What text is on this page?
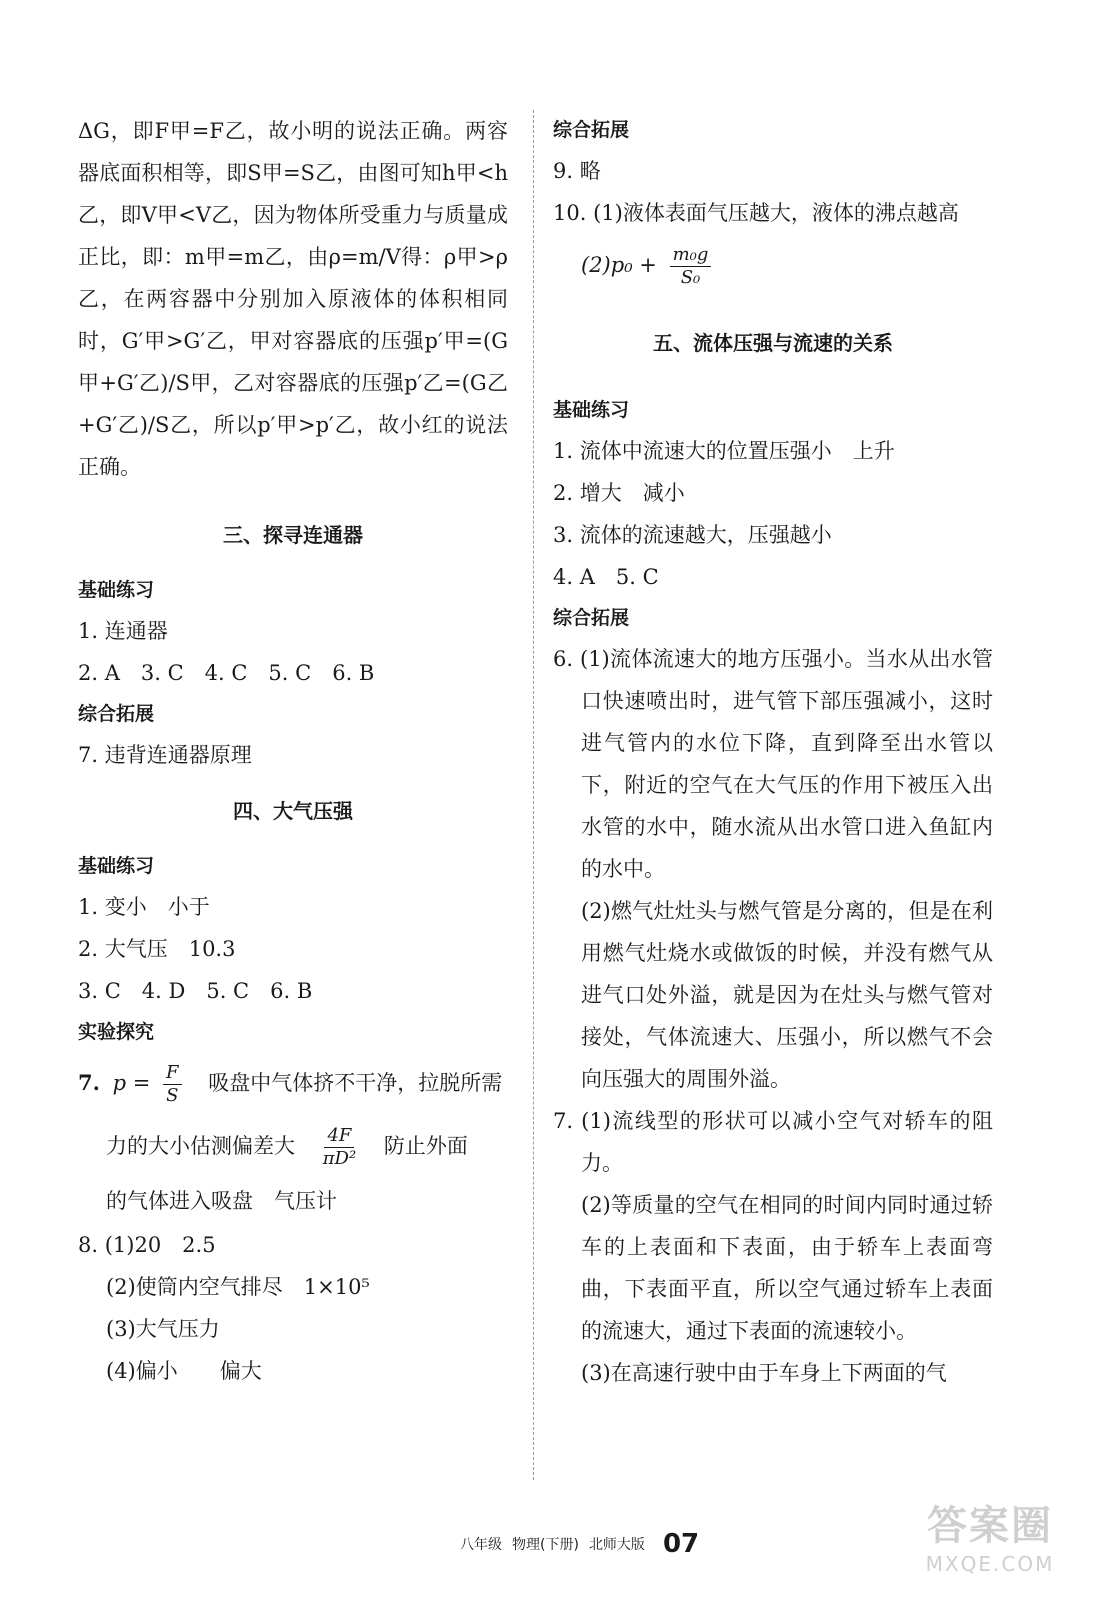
ΔG，即F甲=F乙，故小明的说法正确。两容器底面积相等，即S甲=S乙，由图可知h甲<h乙，即V甲<V乙，因为物体所受重力与质量成正比，即：m甲=m乙，由ρ=m/V得：ρ甲>ρ乙，在两容器中分别加入原液体的体积相同时，G′甲>G′乙，甲对容器底的压强p′甲=(G甲+G′乙)/S甲，乙对容器底的压强p′乙=(G乙+G′乙)/S乙，所以p′甲>p′乙，故小红的说法正确。
三、探寻连通器
基础练习
1. 连通器
2. A　3. C　4. C　5. C　6. B
综合拓展
7. 违背连通器原理
四、大气压强
基础练习
1. 变小　小于
2. 大气压　10.3
3. C　4. D　5. C　6. B
实验探究
7. $p = \frac{F}{S}$ 吸盘中气体挤不干净，拉脱所需
力的大小估测偏差大 $\frac{4F}{\text{πD²}}$ 防止外面
的气体进入吸盘　气压计
8. (1)20　2.5
(2)使筒内空气排尽　1×10⁵
(3)大气压力
(4)偏小　　偏大
综合拓展
9. 略
10. (1)液体表面气压越大，液体的沸点越高
$(2)p_0 + \frac{\text{m₀g}}{\text{S₀}}$
五、流体压强与流速的关系
基础练习
1. 流体中流速大的位置压强小　上升
2. 增大　减小
3. 流体的流速越大，压强越小
4. A　5. C
综合拓展
6. (1)流体流速大的地方压强小。当水从出水管口快速喷出时，进气管下部压强减小，这时进气管内的水位下降，直到降至出水管以下，附近的空气在大气压的作用下被压入出水管的水中，随水流从出水管口进入鱼缸内的水中。
(2)燃气灶灶头与燃气管是分离的，但是在利用燃气灶烧水或做饭的时候，并没有燃气从进气口处外溢，就是因为在灶头与燃气管对接处，气体流速大、压强小，所以燃气不会向压强大的周围外溢。
7. (1)流线型的形状可以减小空气对轿车的阻力。
(2)等质量的空气在相同的时间内同时通过轿车的上表面和下表面，由于轿车上表面弯曲，下表面平直，所以空气通过轿车上表面的流速大，通过下表面的流速较小。
(3)在高速行驶中由于车身上下两面的气
八年级 物理(下册) 北师大版 07	答案圈
MXQE.COM
